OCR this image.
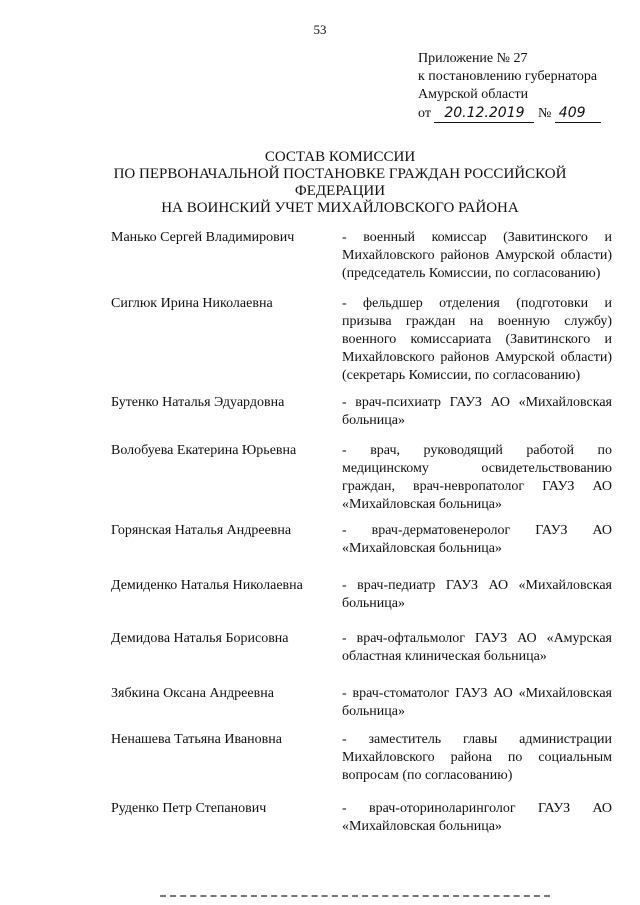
53
Приложение № 27
к постановлению губернатора
Амурской области
от 20.12.2019 № 409
СОСТАВ КОМИССИИ
ПО ПЕРВОНАЧАЛЬНОЙ ПОСТАНОВКЕ ГРАЖДАН РОССИЙСКОЙ ФЕДЕРАЦИИ
НА ВОИНСКИЙ УЧЕТ МИХАЙЛОВСКОГО РАЙОНА
Манько Сергей Владимирович	- военный комиссар (Завитинского и Михайловского районов Амурской области) (председатель Комиссии, по согласованию)
Сиглюк Ирина Николаевна	- фельдшер отделения (подготовки и призыва граждан на военную службу) военного комиссариата (Завитинского и Михайловского районов Амурской области) (секретарь Комиссии, по согласованию)
Бутенко Наталья Эдуардовна	- врач-психиатр ГАУЗ АО «Михайловская больница»
Волобуева Екатерина Юрьевна	- врач, руководящий работой по медицинскому освидетельствованию граждан, врач-невропатолог ГАУЗ АО «Михайловская больница»
Горянская Наталья Андреевна	- врач-дерматовенеролог ГАУЗ АО «Михайловская больница»
Демиденко Наталья Николаевна	- врач-педиатр ГАУЗ АО «Михайловская больница»
Демидова Наталья Борисовна	- врач-офтальмолог ГАУЗ АО «Амурская областная клиническая больница»
Зябкина Оксана Андреевна	- врач-стоматолог ГАУЗ АО «Михайловская больница»
Ненашева Татьяна Ивановна	- заместитель главы администрации Михайловского района по социальным вопросам (по согласованию)
Руденко Петр Степанович	- врач-оториноларинголог ГАУЗ АО «Михайловская больница»
